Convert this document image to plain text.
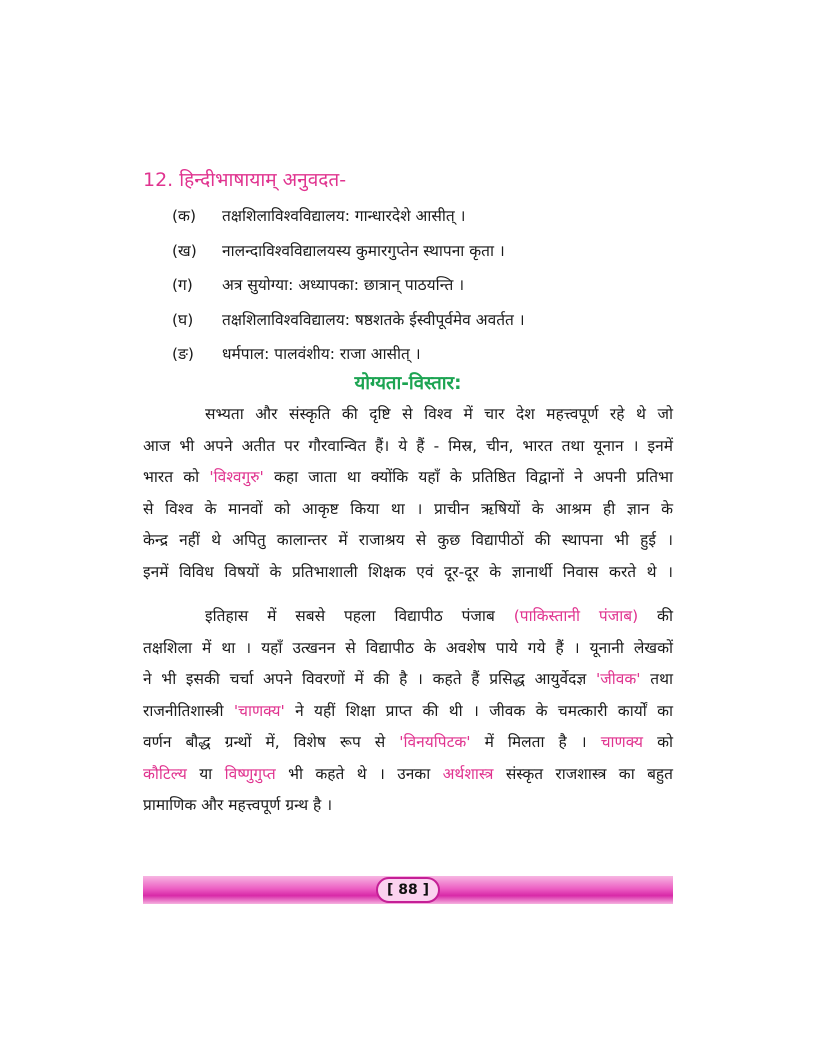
12. हिन्दीभाषायाम् अनुवदत-
(क) तक्षशिलाविश्वविद्यालय: गान्धारदेशे आसीत् ।
(ख) नालन्दाविश्वविद्यालयस्य कुमारगुप्तेन स्थापना कृता ।
(ग) अत्र सुयोग्या: अध्यापका: छात्रान् पाठयन्ति ।
(घ) तक्षशिलाविश्वविद्यालय: षष्ठशतके ईस्वीपूर्वमेव अवर्तत ।
(ङ) धर्मपाल: पालवंशीय: राजा आसीत् ।
योग्यता-विस्तार:
सभ्यता और संस्कृति की दृष्टि से विश्व में चार देश महत्त्वपूर्ण रहे थे जो
आज भी अपने अतीत पर गौरवान्वित हैं। ये हैं - मिस्र, चीन, भारत तथा यूनान । इनमें
भारत को 'विश्वगुरु' कहा जाता था क्योंकि यहाँ के प्रतिष्ठित विद्वानों ने अपनी प्रतिभा
से विश्व के मानवों को आकृष्ट किया था । प्राचीन ऋषियों के आश्रम ही ज्ञान के
केन्द्र नहीं थे अपितु कालान्तर में राजाश्रय से कुछ विद्यापीठों की स्थापना भी हुई ।
इनमें विविध विषयों के प्रतिभाशाली शिक्षक एवं दूर-दूर के ज्ञानार्थी निवास करते थे ।
इतिहास में सबसे पहला विद्यापीठ पंजाब (पाकिस्तानी पंजाब) की
तक्षशिला में था । यहाँ उत्खनन से विद्यापीठ के अवशेष पाये गये हैं । यूनानी लेखकों
ने भी इसकी चर्चा अपने विवरणों में की है । कहते हैं प्रसिद्ध आयुर्वेदज्ञ 'जीवक' तथा
राजनीतिशास्त्री 'चाणक्य' ने यहीं शिक्षा प्राप्त की थी । जीवक के चमत्कारी कार्यों का
वर्णन बौद्ध ग्रन्थों में, विशेष रूप से 'विनयपिटक' में मिलता है । चाणक्य को
कौटिल्य या विष्णुगुप्त भी कहते थे । उनका अर्थशास्त्र संस्कृत राजशास्त्र का बहुत
प्रामाणिक और महत्त्वपूर्ण ग्रन्थ है ।
[ 88 ]
